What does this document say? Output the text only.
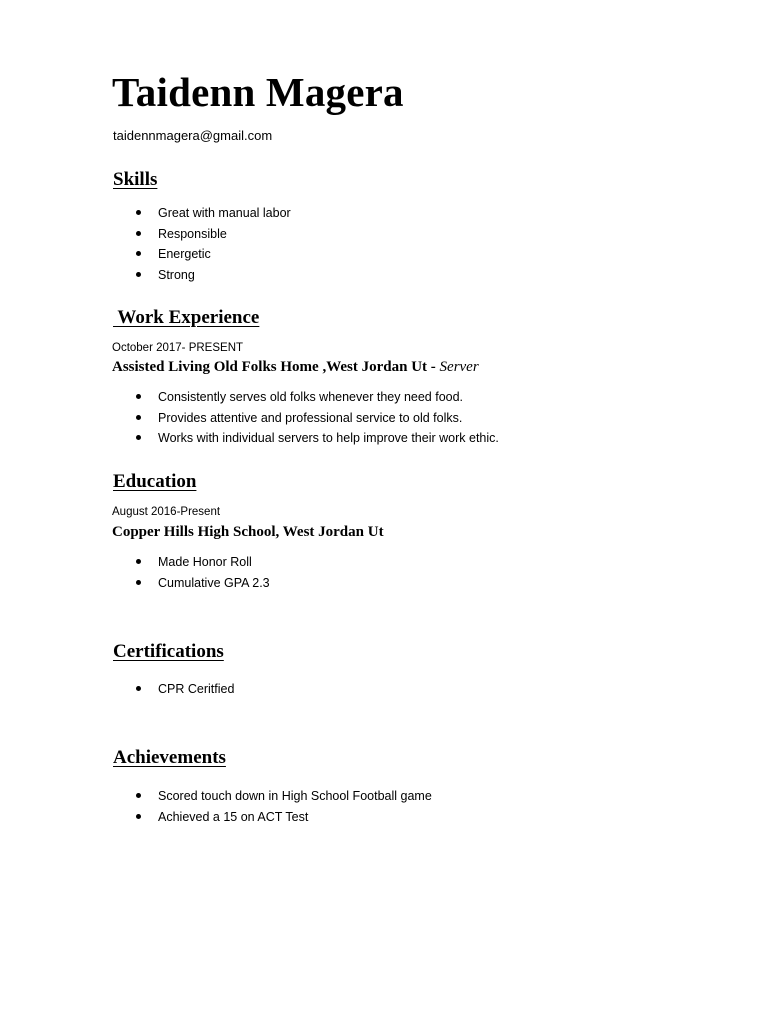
Taidenn Magera
taidennmagera@gmail.com
Skills
Great with manual labor
Responsible
Energetic
Strong
Work Experience
October 2017- PRESENT
Assisted Living Old Folks Home ,West Jordan Ut - Server
Consistently serves old folks whenever they need food.
Provides attentive and professional service to old folks.
Works with individual servers to help improve their work ethic.
Education
August 2016-Present
Copper Hills High School, West Jordan Ut
Made Honor Roll
Cumulative GPA 2.3
Certifications
CPR Ceritfied
Achievements
Scored touch down in High School Football game
Achieved a 15 on ACT Test
